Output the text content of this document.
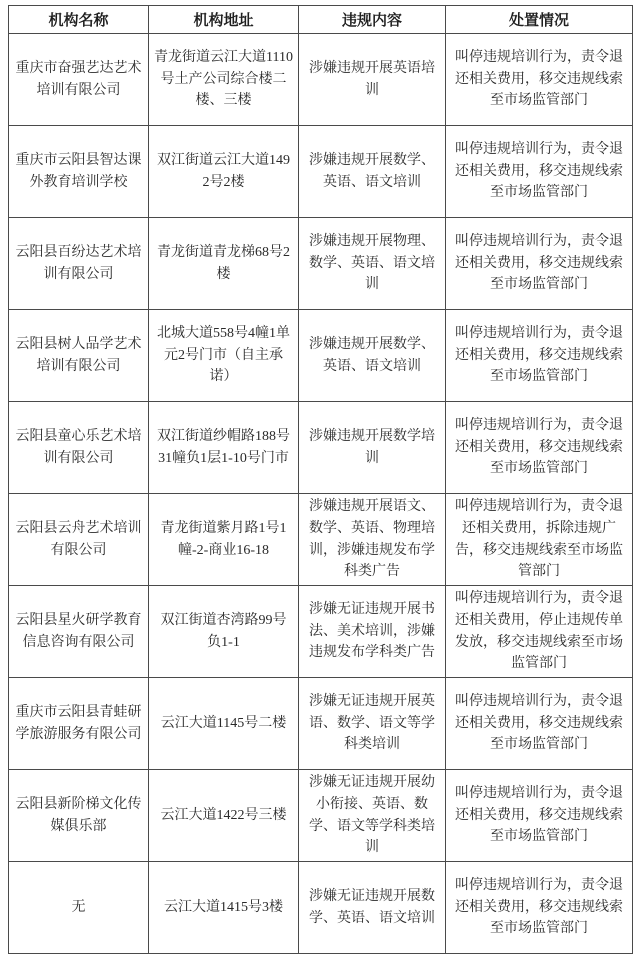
机构名称	机构地址	违规内容	处置情况
重庆市奋强艺达艺术培训有限公司	青龙街道云江大道1110号土产公司综合楼二楼、三楼	涉嫌违规开展英语培训	叫停违规培训行为，责令退还相关费用，移交违规线索至市场监管部门
重庆市云阳县智达课外教育培训学校	双江街道云江大道1492号2楼	涉嫌违规开展数学、英语、语文培训	叫停违规培训行为，责令退还相关费用，移交违规线索至市场监管部门
云阳县百纷达艺术培训有限公司	青龙街道青龙梯68号2楼	涉嫌违规开展物理、数学、英语、语文培训	叫停违规培训行为，责令退还相关费用，移交违规线索至市场监管部门
云阳县树人品学艺术培训有限公司	北城大道558号4幢1单元2号门市（自主承诺）	涉嫌违规开展数学、英语、语文培训	叫停违规培训行为，责令退还相关费用，移交违规线索至市场监管部门
云阳县童心乐艺术培训有限公司	双江街道纱帽路188号31幢负1层1-10号门市	涉嫌违规开展数学培训	叫停违规培训行为，责令退还相关费用，移交违规线索至市场监管部门
云阳县云舟艺术培训有限公司	青龙街道紫月路1号1幢-2-商业16-18	涉嫌违规开展语文、数学、英语、物理培训，涉嫌违规发布学科类广告	叫停违规培训行为，责令退还相关费用，拆除违规广告，移交违规线索至市场监管部门
云阳县星火研学教育信息咨询有限公司	双江街道杏湾路99号负1-1	涉嫌无证违规开展书法、美术培训，涉嫌违规发布学科类广告	叫停违规培训行为，责令退还相关费用，停止违规传单发放，移交违规线索至市场监管部门
重庆市云阳县青蛙研学旅游服务有限公司	云江大道1145号二楼	涉嫌无证违规开展英语、数学、语文等学科类培训	叫停违规培训行为，责令退还相关费用，移交违规线索至市场监管部门
云阳县新阶梯文化传媒俱乐部	云江大道1422号三楼	涉嫌无证违规开展幼小衔接、英语、数学、语文等学科类培训	叫停违规培训行为，责令退还相关费用，移交违规线索至市场监管部门
无	云江大道1415号3楼	涉嫌无证违规开展数学、英语、语文培训	叫停违规培训行为，责令退还相关费用，移交违规线索至市场监管部门
